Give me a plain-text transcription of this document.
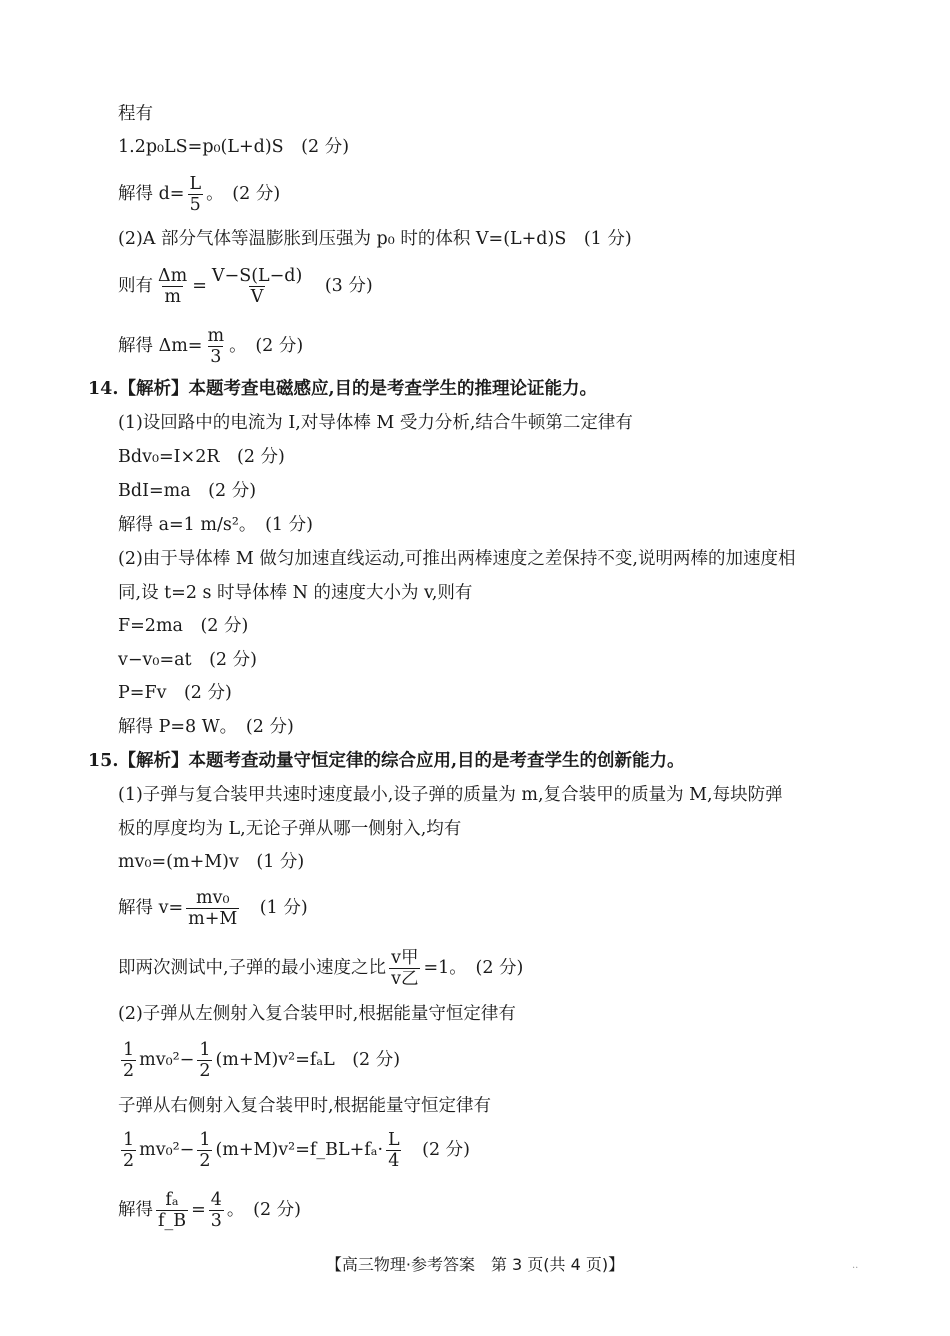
程有
1.2p₀LS=p₀(L+d)S　(2 分)
解得 $d= \frac{L}{5}$ 。　(2 分)
(2)A 部分气体等温膨胀到压强为 p₀ 时的体积 V=(L+d)S　(1 分)
则有 $\frac{\Delta m}{m} = \frac{V-S(L-d)}{V}$ 　(3 分)
解得 $\Delta m= \frac{m}{3}$ 。　(2 分)
14.【解析】本题考查电磁感应,目的是考查学生的推理论证能力。
(1)设回路中的电流为 I,对导体棒 M 受力分析,结合牛顿第二定律有
Bdv₀=I×2R　(2 分)
BdI=ma　(2 分)
解得 a=1 m/s²。　(1 分)
(2)由于导体棒 M 做匀加速直线运动,可推出两棒速度之差保持不变,说明两棒的加速度相
同,设 t=2 s 时导体棒 N 的速度大小为 v,则有
F=2ma　(2 分)
v−v₀=at　(2 分)
P=Fv　(2 分)
解得 P=8 W。　(2 分)
15.【解析】本题考查动量守恒定律的综合应用,目的是考查学生的创新能力。
(1)子弹与复合装甲共速时速度最小,设子弹的质量为 m,复合装甲的质量为 M,每块防弹
板的厚度均为 L,无论子弹从哪一侧射入,均有
mv₀=(m+M)v　(1 分)
解得 $v= \frac{\text{mv₀}}{m+M}$ 　(1 分)
即两次测试中,子弹的最小速度之比 $\frac{\text{v甲}}{\text{v乙}} =1$。　(2 分)
(2)子弹从左侧射入复合装甲时,根据能量守恒定律有
$\frac{1}{2} mv_0^2- \frac{1}{2} (m+M)v^2=f_aL$　(2 分)
子弹从右侧射入复合装甲时,根据能量守恒定律有
$\frac{1}{2} mv_0^2- \frac{1}{2}$ (m+M)v²=f_BL+fₐ· $\frac{L}{4}$ 　(2 分)
解得 $\frac{\text{fₐ}}{f\_B} = \frac{4}{3}$ 。　(2 分)
【高三物理·参考答案　第 3 页(共 4 页)】	..
